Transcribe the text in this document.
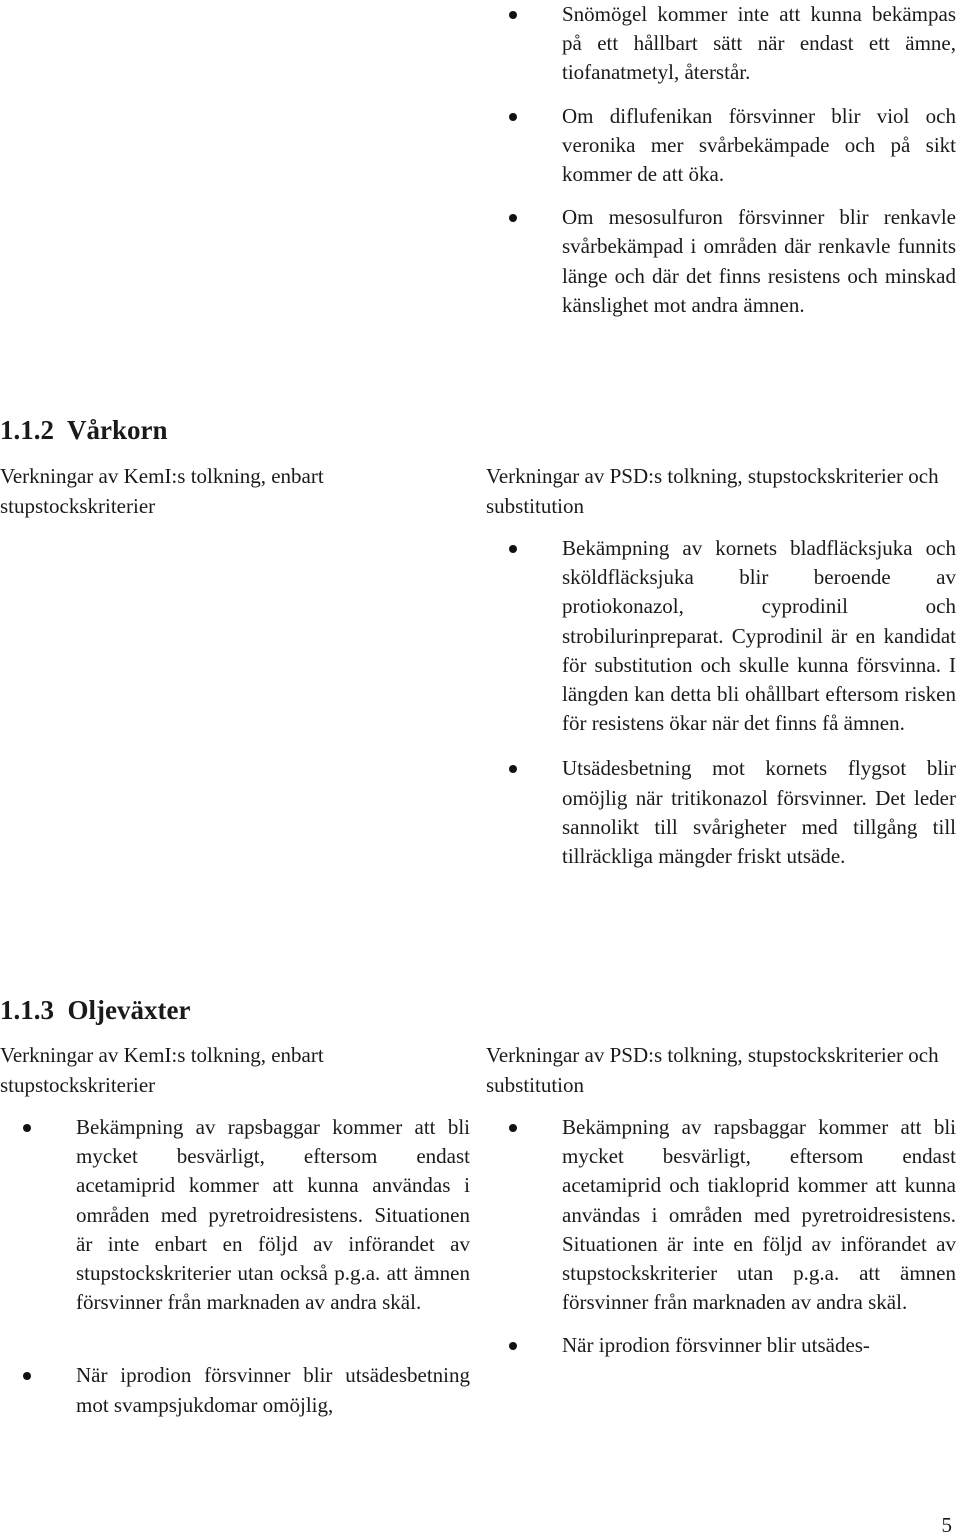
Snömögel kommer inte att kunna bekämpas på ett hållbart sätt när endast ett ämne, tiofanatmetyl, återstår.
Om diflufenikan försvinner blir viol och veronika mer svårbekämpade och på sikt kommer de att öka.
Om mesosulfuron försvinner blir renkavle svårbekämpad i områden där renkavle funnits länge och där det finns resistens och minskad känslighet mot andra ämnen.
1.1.2 Vårkorn
Verkningar av KemI:s tolkning, enbart stupstockskriterier
Verkningar av PSD:s tolkning, stupstockskriterier och substitution
Bekämpning av kornets bladfläcksjuka och sköldfläcksjuka blir beroende av protiokonazol, cyprodinil och strobilurinpreparat. Cyprodinil är en kandidat för substitution och skulle kunna försvinna. I längden kan detta bli ohållbart eftersom risken för resistens ökar när det finns få ämnen.
Utsädesbetning mot kornets flygsot blir omöjlig när tritikonazol försvinner. Det leder sannolikt till svårigheter med tillgång till tillräckliga mängder friskt utsäde.
1.1.3 Oljeväxter
Verkningar av KemI:s tolkning, enbart stupstockskriterier
Verkningar av PSD:s tolkning, stupstockskriterier och substitution
Bekämpning av rapsbaggar kommer att bli mycket besvärligt, eftersom endast acetamiprid kommer att kunna användas i områden med pyretroidresistens. Situationen är inte enbart en följd av införandet av stupstockskriterier utan också p.g.a. att ämnen försvinner från marknaden av andra skäl.
När iprodion försvinner blir utsädesbetning mot svampsjukdomar omöjlig,
Bekämpning av rapsbaggar kommer att bli mycket besvärligt, eftersom endast acetamiprid och tiakloprid kommer att kunna användas i områden med pyretroidresistens. Situationen är inte en följd av införandet av stupstockskriterier utan p.g.a. att ämnen försvinner från marknaden av andra skäl.
När iprodion försvinner blir utsädes-
5
